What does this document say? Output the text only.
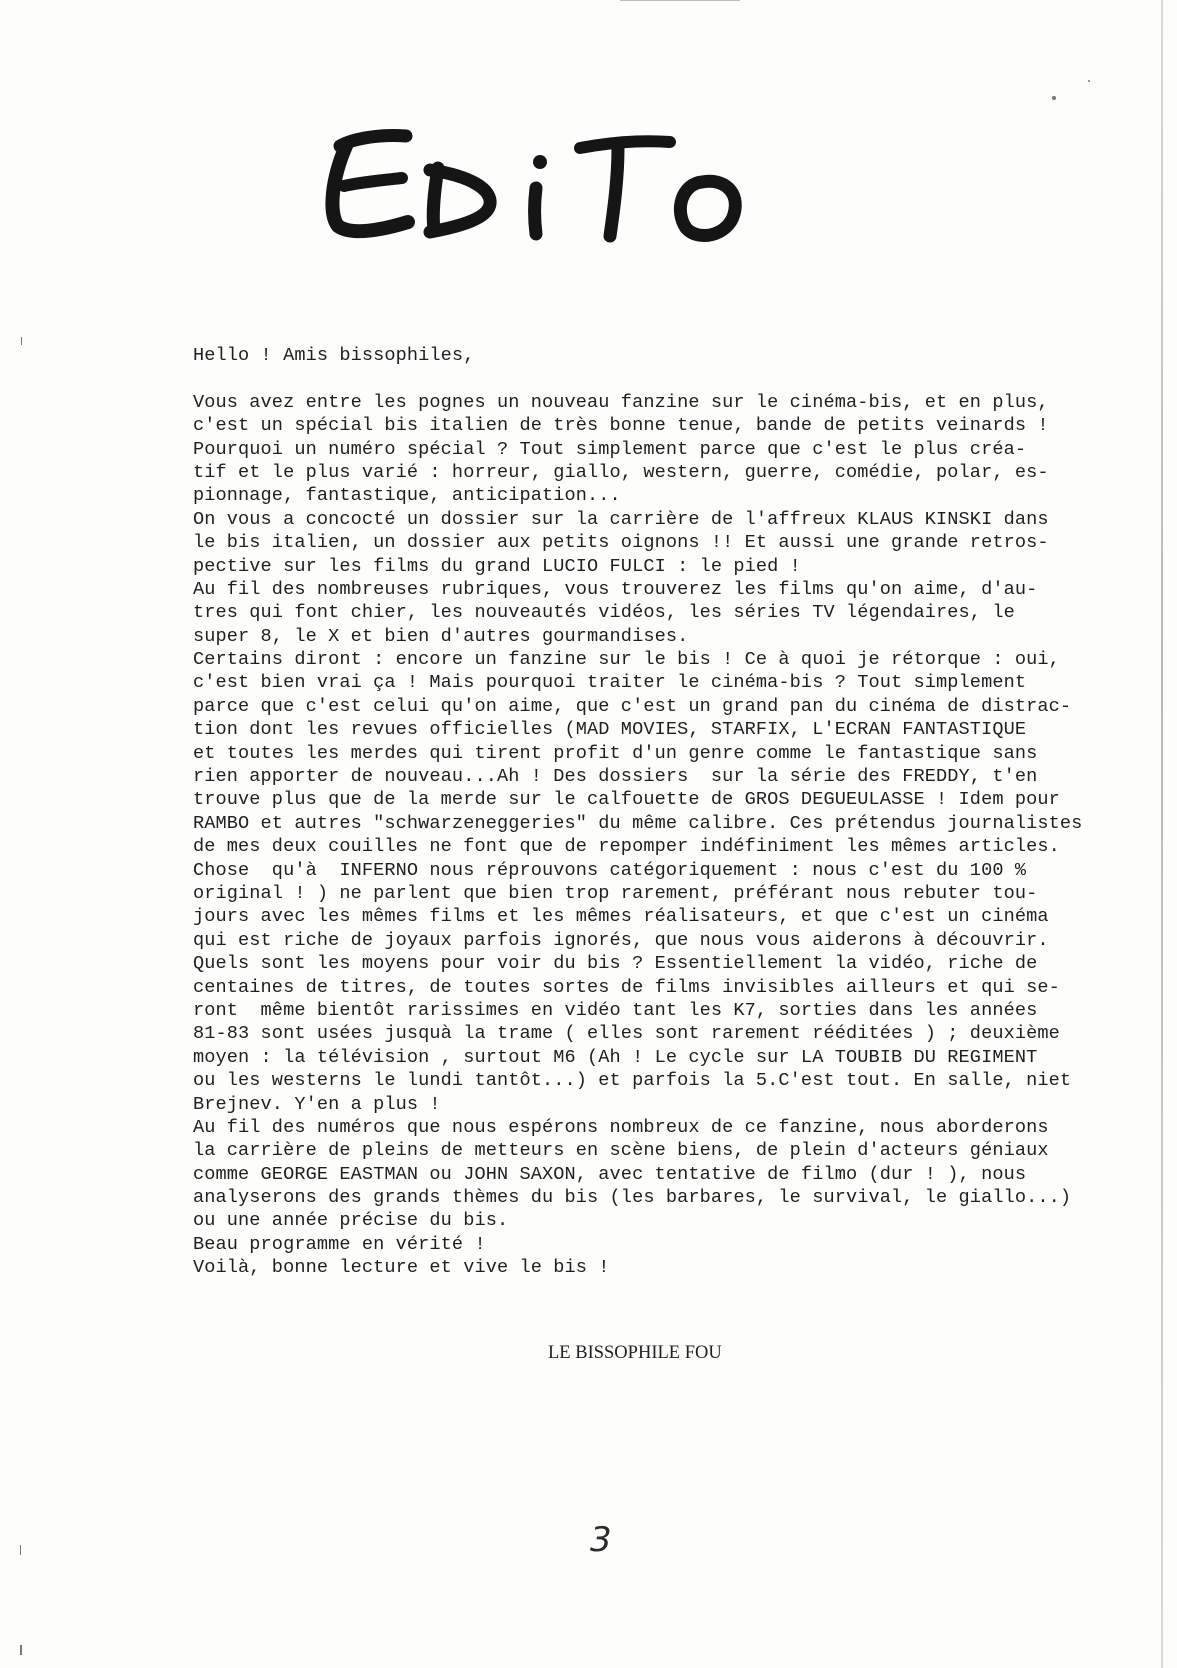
Hello ! Amis bissophiles,
Vous avez entre les pognes un nouveau fanzine sur le cinéma-bis, et en plus,
c'est un spécial bis italien de très bonne tenue, bande de petits veinards !
Pourquoi un numéro spécial ? Tout simplement parce que c'est le plus créa-
tif et le plus varié : horreur, giallo, western, guerre, comédie, polar, es-
pionnage, fantastique, anticipation...
On vous a concocté un dossier sur la carrière de l'affreux KLAUS KINSKI dans
le bis italien, un dossier aux petits oignons !! Et aussi une grande retros-
pective sur les films du grand LUCIO FULCI : le pied !
Au fil des nombreuses rubriques, vous trouverez les films qu'on aime, d'au-
tres qui font chier, les nouveautés vidéos, les séries TV légendaires, le
super 8, le X et bien d'autres gourmandises.
Certains diront : encore un fanzine sur le bis ! Ce à quoi je rétorque : oui,
c'est bien vrai ça ! Mais pourquoi traiter le cinéma-bis ? Tout simplement
parce que c'est celui qu'on aime, que c'est un grand pan du cinéma de distrac-
tion dont les revues officielles (MAD MOVIES, STARFIX, L'ECRAN FANTASTIQUE
et toutes les merdes qui tirent profit d'un genre comme le fantastique sans
rien apporter de nouveau...Ah ! Des dossiers  sur la série des FREDDY, t'en
trouve plus que de la merde sur le calfouette de GROS DEGUEULASSE ! Idem pour
RAMBO et autres "schwarzeneggeries" du même calibre. Ces prétendus journalistes
de mes deux couilles ne font que de repomper indéfiniment les mêmes articles.
Chose  qu'à  INFERNO nous réprouvons catégoriquement : nous c'est du 100 %
original ! ) ne parlent que bien trop rarement, préférant nous rebuter tou-
jours avec les mêmes films et les mêmes réalisateurs, et que c'est un cinéma
qui est riche de joyaux parfois ignorés, que nous vous aiderons à découvrir.
Quels sont les moyens pour voir du bis ? Essentiellement la vidéo, riche de
centaines de titres, de toutes sortes de films invisibles ailleurs et qui se-
ront  même bientôt rarissimes en vidéo tant les K7, sorties dans les années
81-83 sont usées jusquà la trame ( elles sont rarement rééditées ) ; deuxième
moyen : la télévision , surtout M6 (Ah ! Le cycle sur LA TOUBIB DU REGIMENT
ou les westerns le lundi tantôt...) et parfois la 5.C'est tout. En salle, niet
Brejnev. Y'en a plus !
Au fil des numéros que nous espérons nombreux de ce fanzine, nous aborderons
la carrière de pleins de metteurs en scène biens, de plein d'acteurs géniaux
comme GEORGE EASTMAN ou JOHN SAXON, avec tentative de filmo (dur ! ), nous
analyserons des grands thèmes du bis (les barbares, le survival, le giallo...)
ou une année précise du bis.
Beau programme en vérité !
Voilà, bonne lecture et vive le bis !
LE BISSOPHILE FOU
3
